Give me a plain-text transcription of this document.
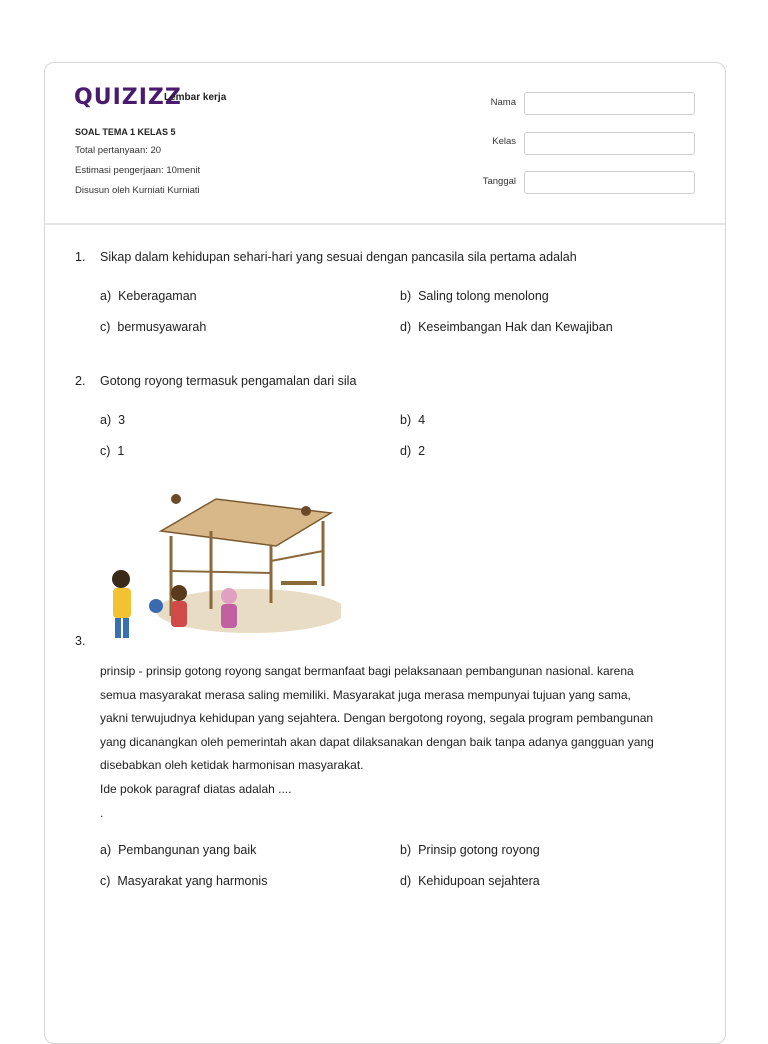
QUIZIZZ
Lembar kerja
SOAL TEMA 1 KELAS 5
Total pertanyaan: 20
Estimasi pengerjaan: 10menit
Disusun oleh Kurniati Kurniati
Nama
Kelas
Tanggal
1. Sikap dalam kehidupan sehari-hari yang sesuai dengan pancasila sila pertama adalah
a) Keberagaman	b) Saling tolong menolong
c) bermusyawarah	d) Keseimbangan Hak dan Kewajiban
2. Gotong royong termasuk pengamalan dari sila
a) 3	b) 4
c) 1	d) 2
3.

prinsip - prinsip gotong royong sangat bermanfaat bagi pelaksanaan pembangunan nasional. karena

semua masyarakat merasa saling memiliki. Masyarakat juga merasa mempunyai tujuan yang sama,

yakni terwujudnya kehidupan yang sejahtera. Dengan bergotong royong, segala program pembangunan

yang dicanangkan oleh pemerintah akan dapat dilaksanakan dengan baik tanpa adanya gangguan yang

disebabkan oleh ketidak harmonisan masyarakat.

Ide pokok paragraf diatas adalah ....

.

a) Pembangunan yang baik	b) Prinsip gotong royong
c) Masyarakat yang harmonis	d) Kehidupoan sejahtera
